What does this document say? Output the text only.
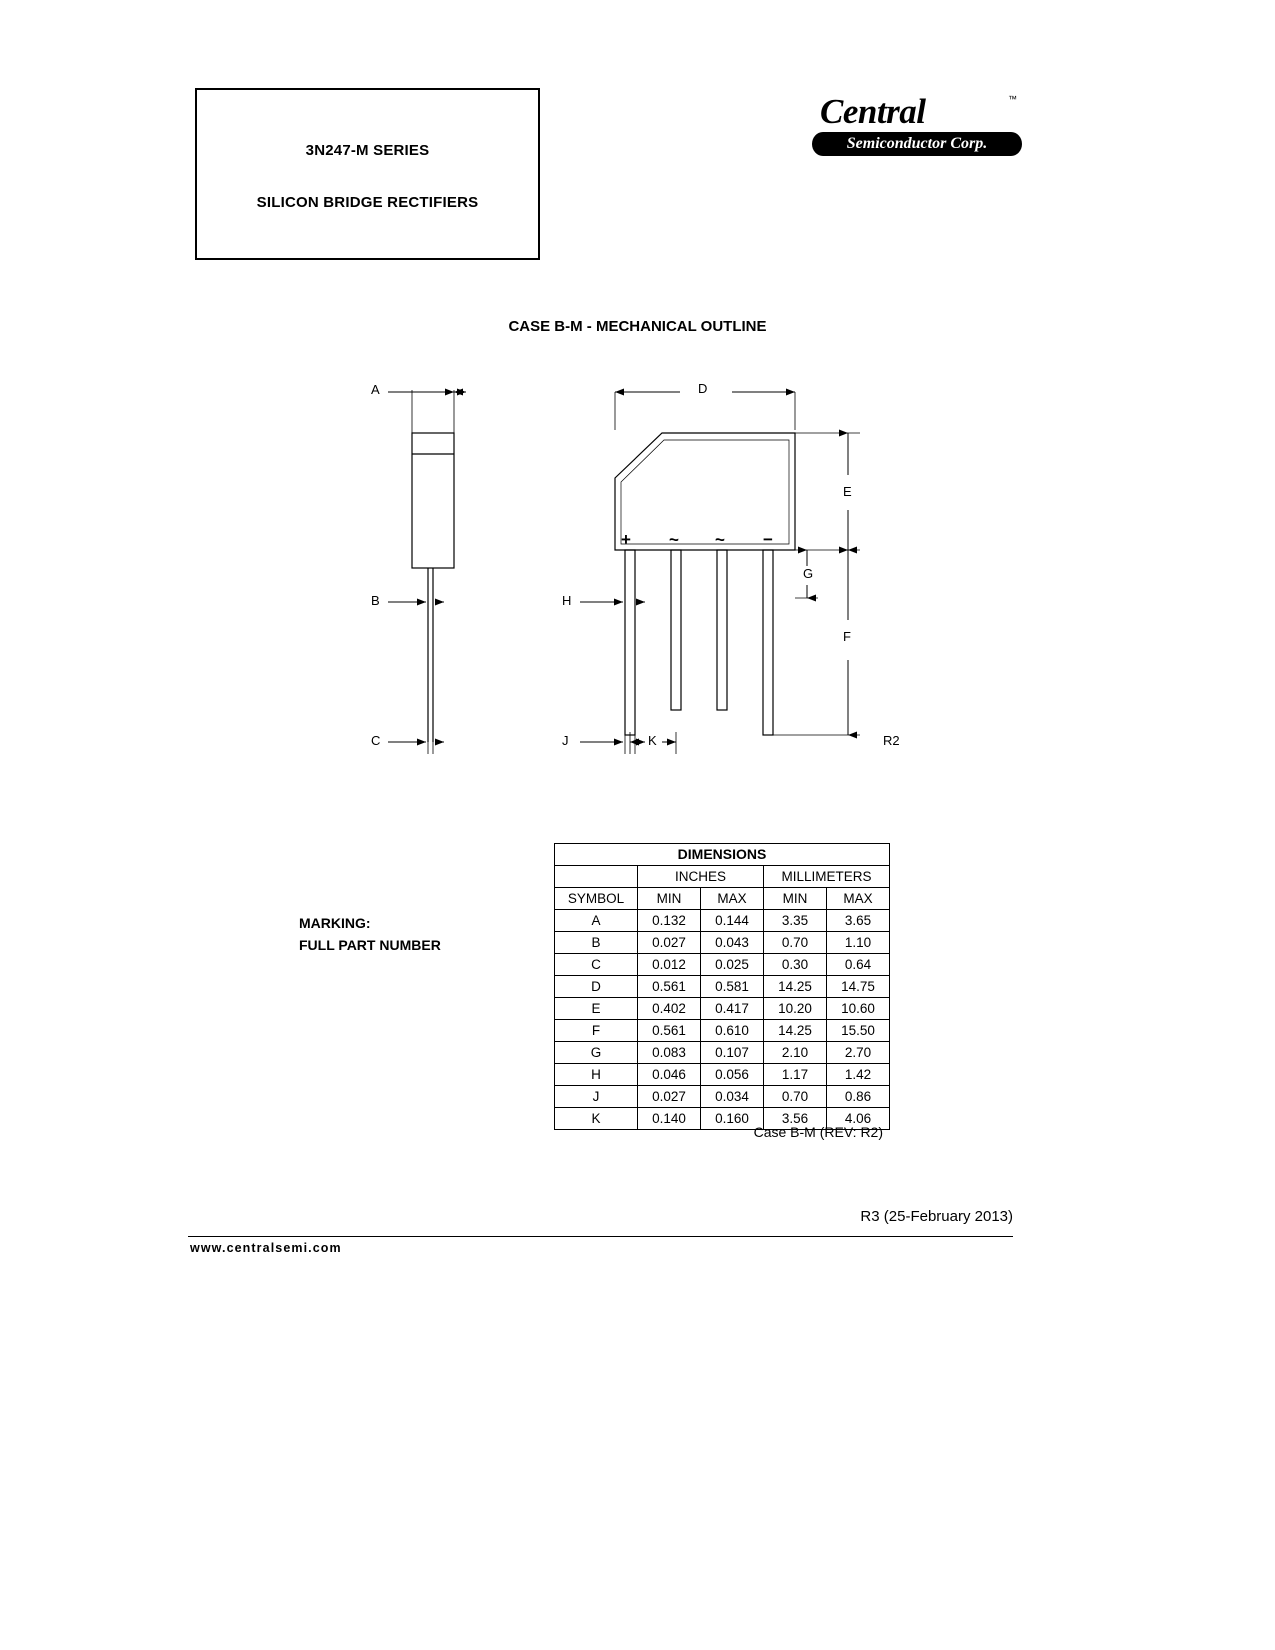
3N247-M SERIES
SILICON BRIDGE RECTIFIERS
Central	™
Semiconductor Corp.
CASE B-M - MECHANICAL OUTLINE
+ ~ ~ −
A
B
C
D
E
F
G
H
J	K	R2
MARKING:
FULL PART NUMBER
DIMENSIONS				
	INCHES		MILLIMETERS	
SYMBOL	MIN	MAX	MIN	MAX
A	0.132	0.144	3.35	3.65
B	0.027	0.043	0.70	1.10
C	0.012	0.025	0.30	0.64
D	0.561	0.581	14.25	14.75
E	0.402	0.417	10.20	10.60
F	0.561	0.610	14.25	15.50
G	0.083	0.107	2.10	2.70
H	0.046	0.056	1.17	1.42
J	0.027	0.034	0.70	0.86
K	0.140	0.160	3.56	4.06
Case B-M (REV: R2)
R3 (25-February 2013)
www.centralsemi.com
